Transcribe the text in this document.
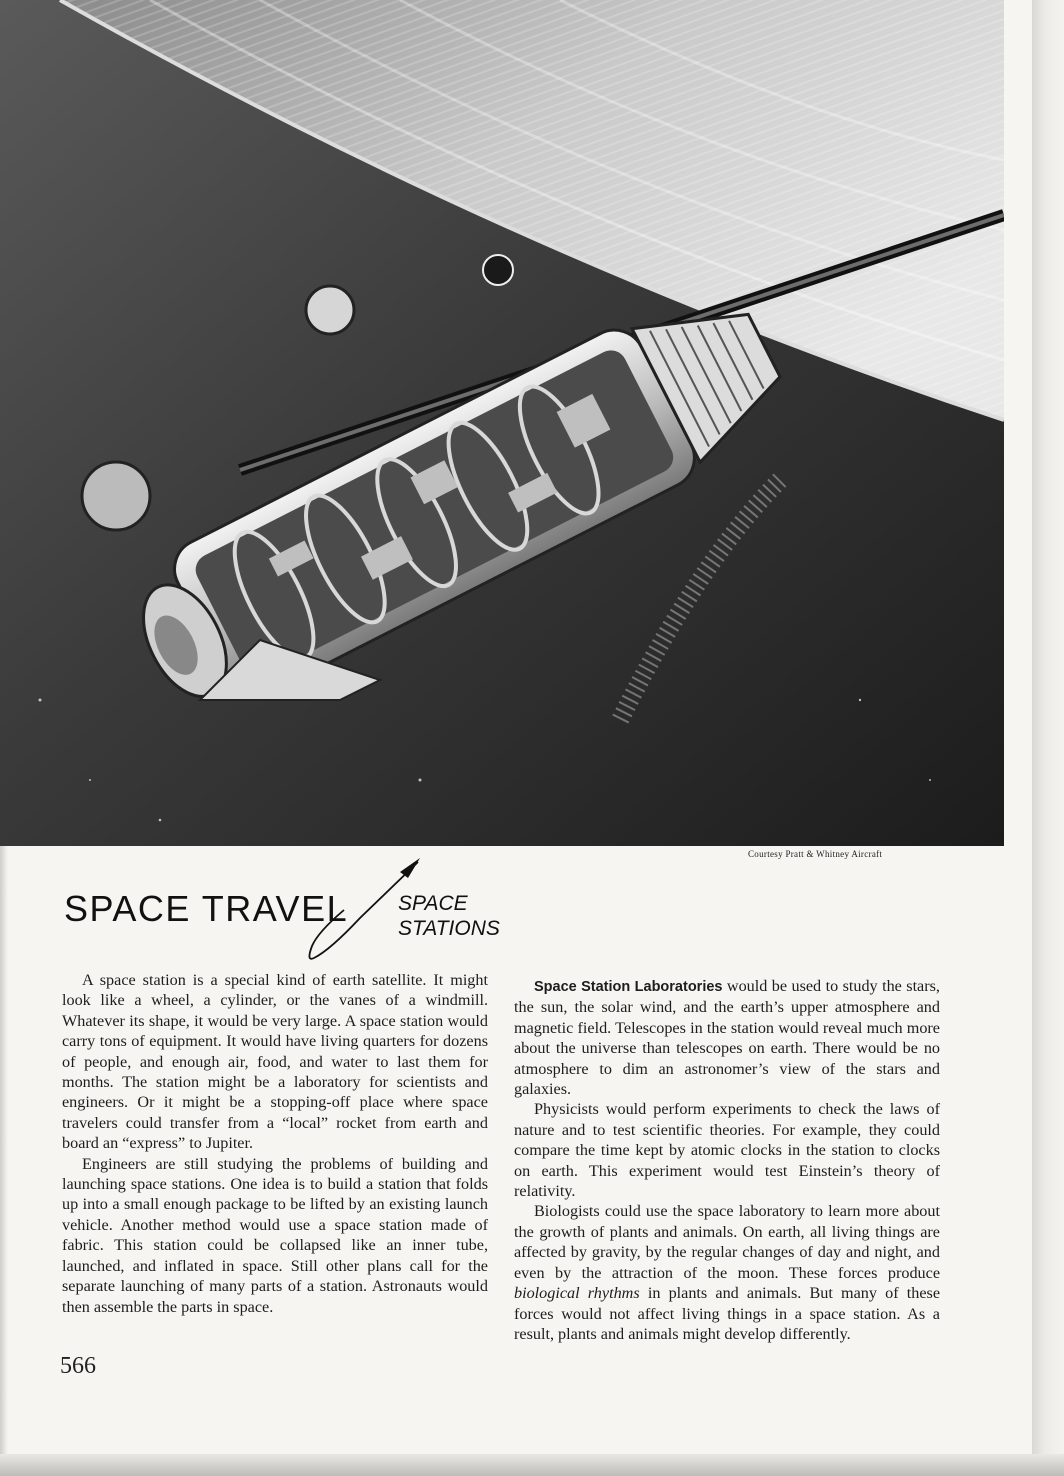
Courtesy Pratt & Whitney Aircraft
SPACE TRAVEL SPACE
STATIONS

A space station is a special kind of earth satellite. It might look like a wheel, a cylinder, or the vanes of a windmill. Whatever its shape, it would be very large. A space station would carry tons of equipment. It would have living quarters for dozens of people, and enough air, food, and water to last them for months. The station might be a laboratory for scientists and engineers. Or it might be a stopping-off place where space travelers could transfer from a “local” rocket from earth and board an “express” to Jupiter.

Engineers are still studying the problems of building and launching space stations. One idea is to build a station that folds up into a small enough package to be lifted by an existing launch vehicle. Another method would use a space station made of fabric. This station could be collapsed like an inner tube, launched, and inflated in space. Still other plans call for the separate launching of many parts of a station. Astronauts would then assemble the parts in space.

Space Station Laboratories would be used to study the stars, the sun, the solar wind, and the earth’s upper atmosphere and magnetic field. Telescopes in the station would reveal much more about the universe than telescopes on earth. There would be no atmosphere to dim an astronomer’s view of the stars and galaxies.

Physicists would perform experiments to check the laws of nature and to test scientific theories. For example, they could compare the time kept by atomic clocks in the station to clocks on earth. This experiment would test Einstein’s theory of relativity.

Biologists could use the space laboratory to learn more about the growth of plants and animals. On earth, all living things are affected by gravity, by the regular changes of day and night, and even by the attraction of the moon. These forces produce biological rhythms in plants and animals. But many of these forces would not affect living things in a space station. As a result, plants and animals might develop differently.

566
